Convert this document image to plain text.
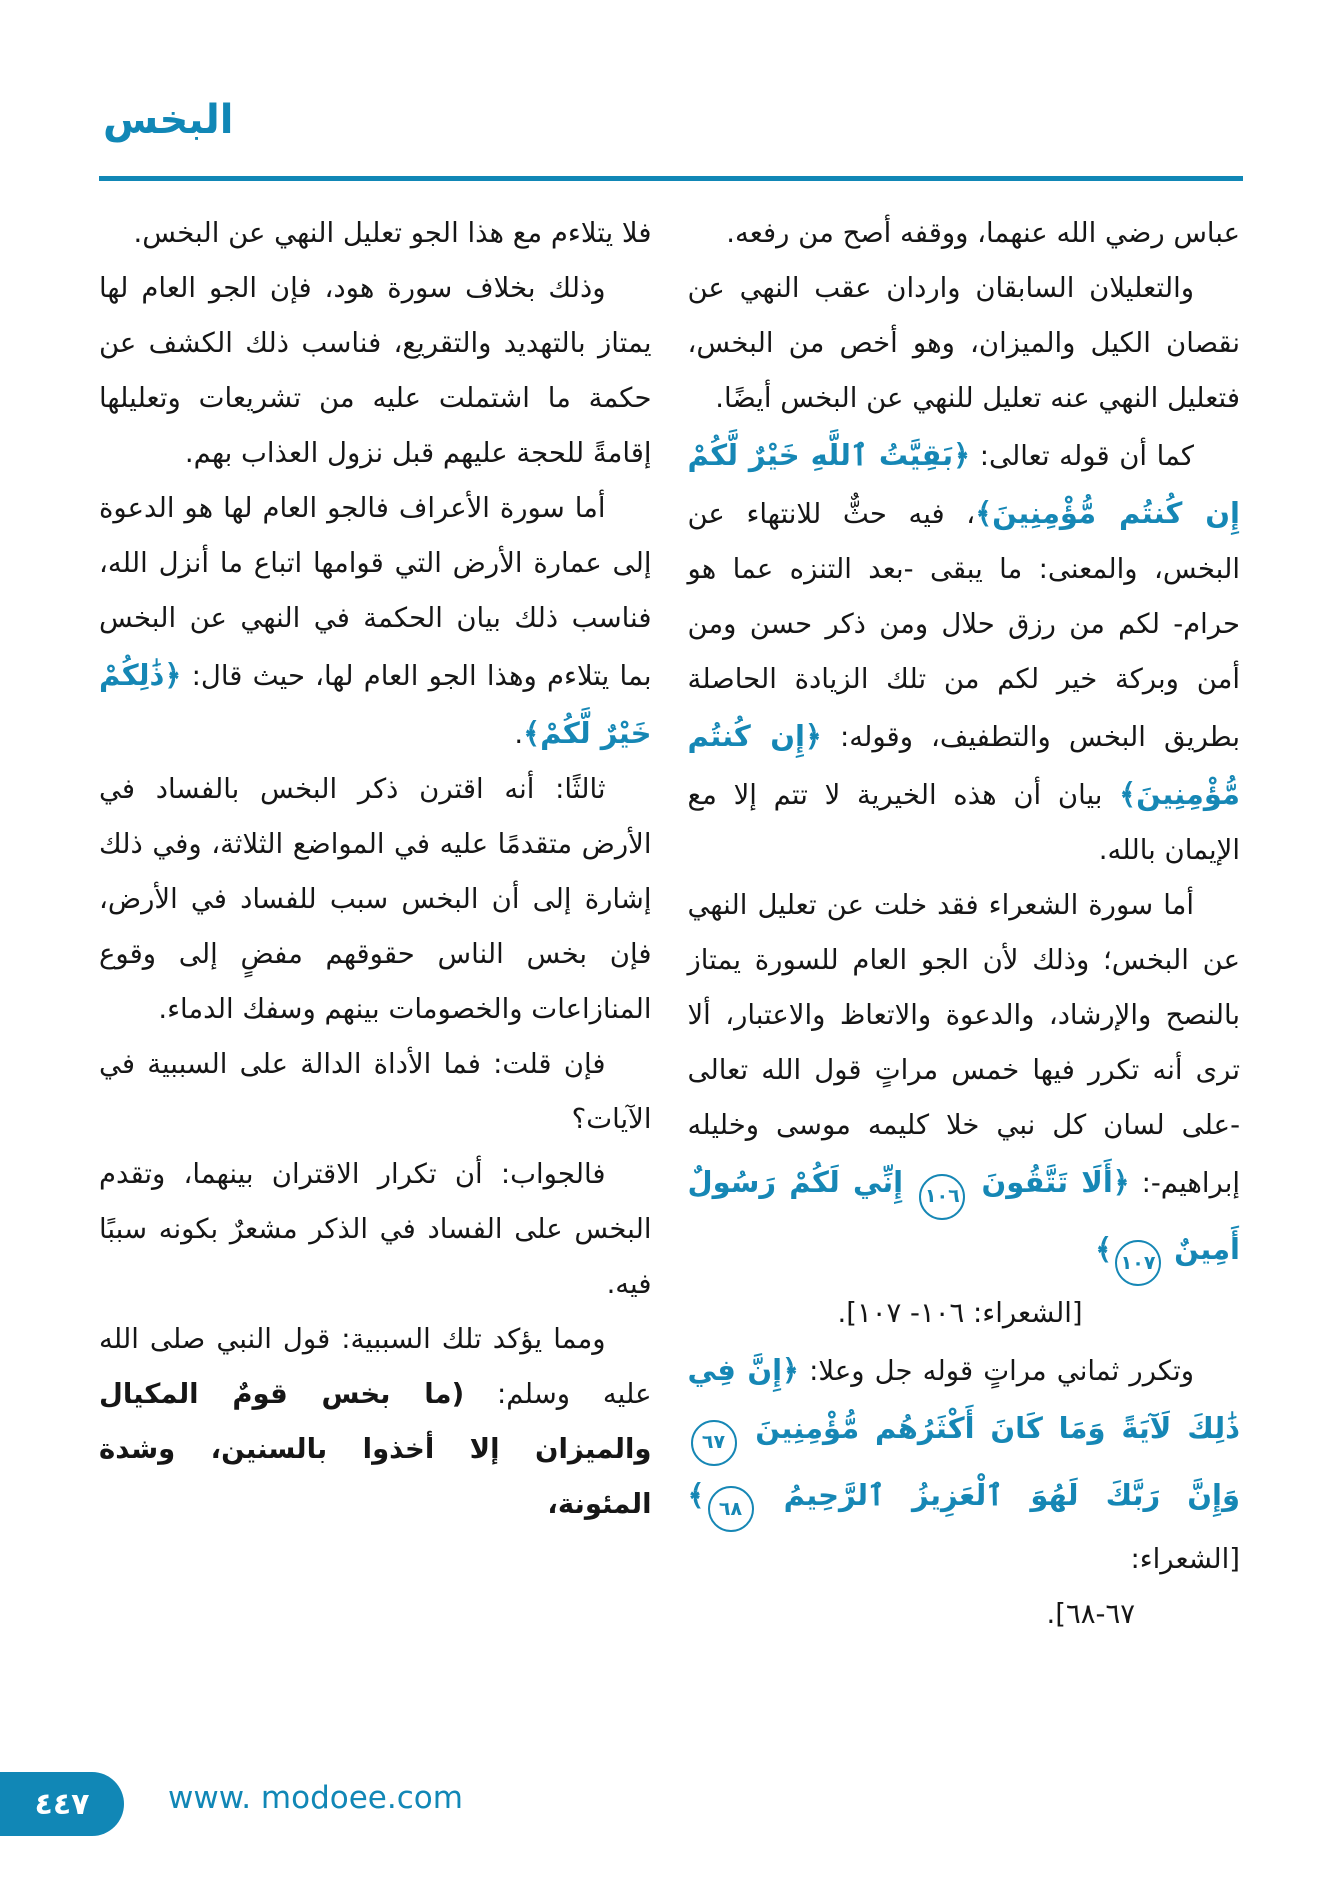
البخس

عباس رضي الله عنهما، ووقفه أصح من رفعه.

والتعليلان السابقان واردان عقب النهي عن نقصان الكيل والميزان، وهو أخص من البخس، فتعليل النهي عنه تعليل للنهي عن البخس أيضًا.

كما أن قوله تعالى: ﴿بَقِيَّتُ ٱللَّهِ خَيْرٌ لَّكُمْ إِن كُنتُم مُّؤْمِنِينَ﴾، فيه حثٌّ للانتهاء عن البخس، والمعنى: ما يبقى -بعد التنزه عما هو حرام- لكم من رزق حلال ومن ذكر حسن ومن أمن وبركة خير لكم من تلك الزيادة الحاصلة بطريق البخس والتطفيف، وقوله: ﴿إِن كُنتُم مُّؤْمِنِينَ﴾ بيان أن هذه الخيرية لا تتم إلا مع الإيمان بالله.

أما سورة الشعراء فقد خلت عن تعليل النهي عن البخس؛ وذلك لأن الجو العام للسورة يمتاز بالنصح والإرشاد، والدعوة والاتعاظ والاعتبار، ألا ترى أنه تكرر فيها خمس مراتٍ قول الله تعالى -على لسان كل نبي خلا كليمه موسى وخليله إبراهيم-: ﴿أَلَا تَتَّقُونَ ١٠٦ إِنِّي لَكُمْ رَسُولٌ أَمِينٌ ١٠٧﴾
[الشعراء: ١٠٦- ١٠٧].

وتكرر ثماني مراتٍ قوله جل وعلا: ﴿إِنَّ فِي ذَٰلِكَ لَآيَةً وَمَا كَانَ أَكْثَرُهُم مُّؤْمِنِينَ ٦٧ وَإِنَّ رَبَّكَ لَهُوَ ٱلْعَزِيزُ ٱلرَّحِيمُ ٦٨﴾ [الشعراء:
٦٧-٦٨].

فلا يتلاءم مع هذا الجو تعليل النهي عن البخس.

وذلك بخلاف سورة هود، فإن الجو العام لها يمتاز بالتهديد والتقريع، فناسب ذلك الكشف عن حكمة ما اشتملت عليه من تشريعات وتعليلها إقامةً للحجة عليهم قبل نزول العذاب بهم.

أما سورة الأعراف فالجو العام لها هو الدعوة إلى عمارة الأرض التي قوامها اتباع ما أنزل الله، فناسب ذلك بيان الحكمة في النهي عن البخس بما يتلاءم وهذا الجو العام لها، حيث قال: ﴿ذَٰلِكُمْ خَيْرٌ لَّكُمْ﴾.

ثالثًا: أنه اقترن ذكر البخس بالفساد في الأرض متقدمًا عليه في المواضع الثلاثة، وفي ذلك إشارة إلى أن البخس سبب للفساد في الأرض، فإن بخس الناس حقوقهم مفضٍ إلى وقوع المنازاعات والخصومات بينهم وسفك الدماء.

فإن قلت: فما الأداة الدالة على السببية في الآيات؟

فالجواب: أن تكرار الاقتران بينهما، وتقدم البخس على الفساد في الذكر مشعرٌ بكونه سببًا فيه.

ومما يؤكد تلك السببية: قول النبي صلى الله عليه وسلم: (ما بخس قومٌ المكيال والميزان إلا أخذوا بالسنين، وشدة المئونة،

٤٤٧	www. modoee.com
